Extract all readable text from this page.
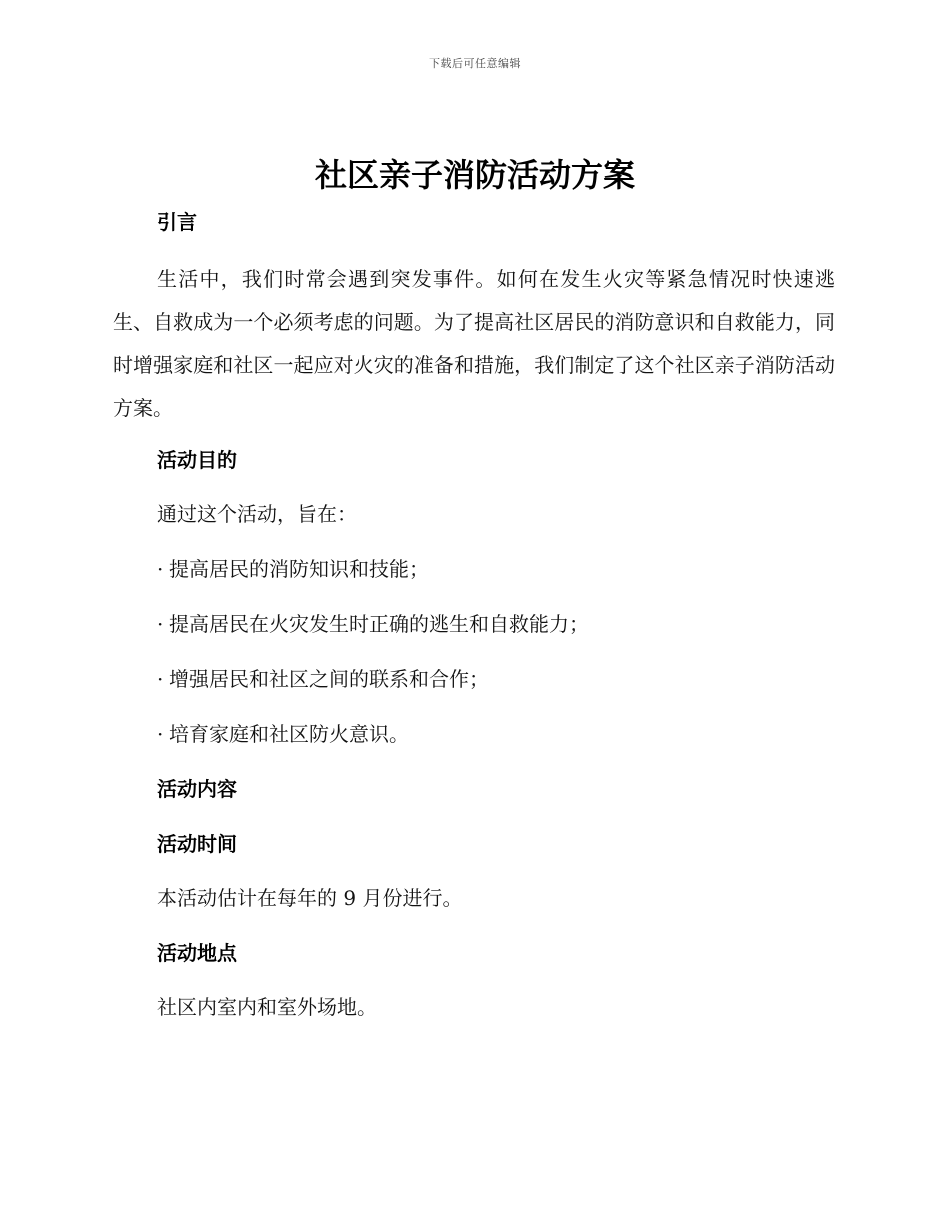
下载后可任意编辑
社区亲子消防活动方案
引言

生活中，我们时常会遇到突发事件。如何在发生火灾等紧急情况时快速逃生、自救成为一个必须考虑的问题。为了提高社区居民的消防意识和自救能力，同时增强家庭和社区一起应对火灾的准备和措施，我们制定了这个社区亲子消防活动方案。

活动目的

通过这个活动，旨在：

· 提高居民的消防知识和技能；

· 提高居民在火灾发生时正确的逃生和自救能力；

· 增强居民和社区之间的联系和合作；

· 培育家庭和社区防火意识。

活动内容
活动时间

本活动估计在每年的 9 月份进行。

活动地点

社区内室内和室外场地。
